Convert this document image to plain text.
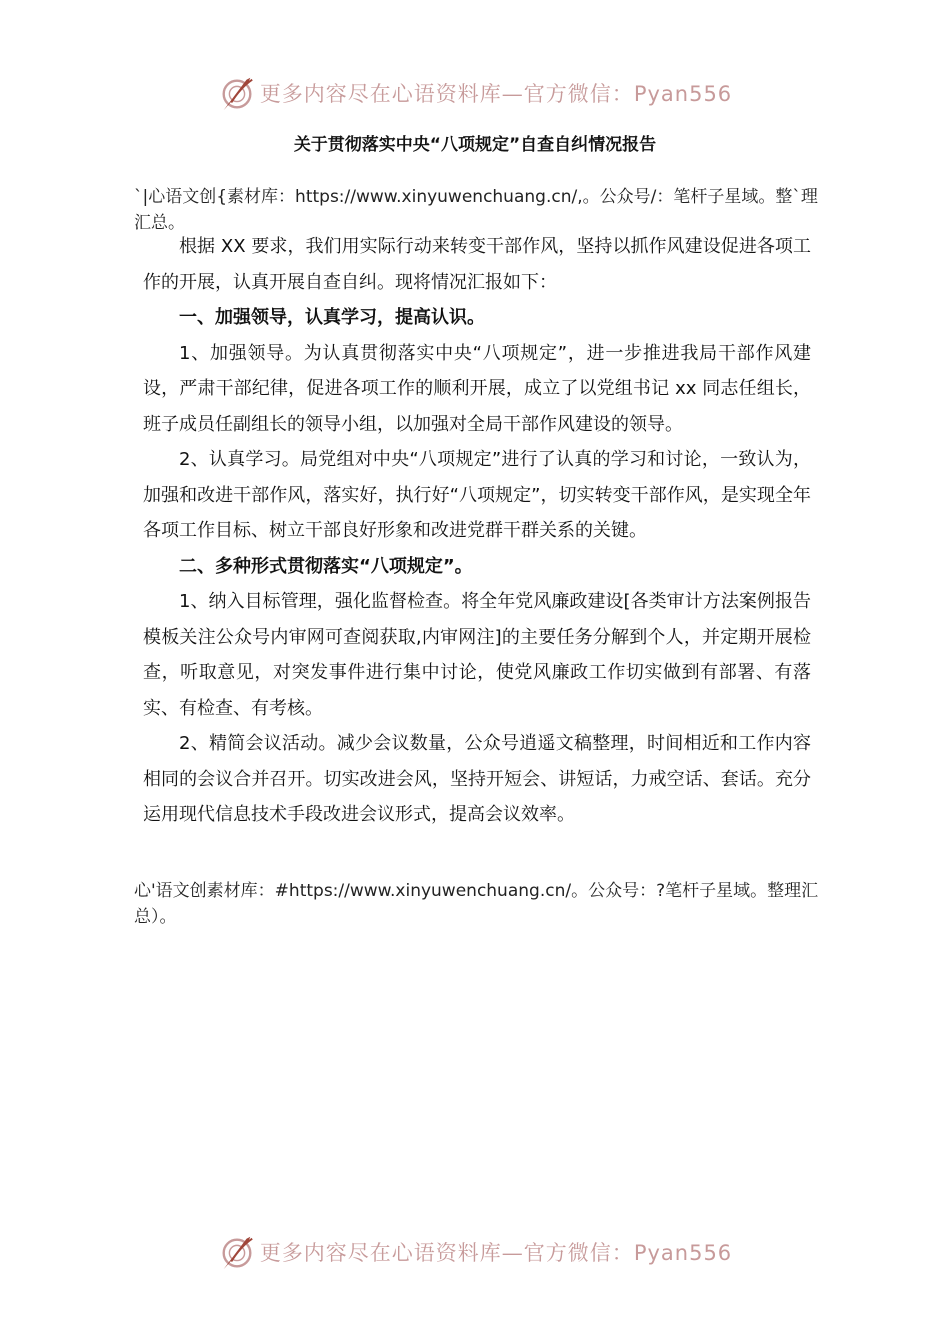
更多内容尽在心语资料库—官方微信：Pyan556
关于贯彻落实中央“八项规定”自查自纠情况报告
`|心语文创{素材库：https://www.xinyuwenchuang.cn/,。公众号/：笔杆子星域。整`理汇总。

根据 XX 要求，我们用实际行动来转变干部作风，坚持以抓作风建设促进各项工作的开展，认真开展自查自纠。现将情况汇报如下：

一、加强领导，认真学习，提高认识。

1、加强领导。为认真贯彻落实中央“八项规定”，进一步推进我局干部作风建设，严肃干部纪律，促进各项工作的顺利开展，成立了以党组书记 xx 同志任组长，班子成员任副组长的领导小组，以加强对全局干部作风建设的领导。

2、认真学习。局党组对中央“八项规定”进行了认真的学习和讨论，一致认为，加强和改进干部作风，落实好，执行好“八项规定”，切实转变干部作风，是实现全年各项工作目标、树立干部良好形象和改进党群干群关系的关键。

二、多种形式贯彻落实“八项规定”。

1、纳入目标管理，强化监督检查。将全年党风廉政建设[各类审计方法案例报告模板关注公众号内审网可查阅获取,内审网注]的主要任务分解到个人，并定期开展检查，听取意见，对突发事件进行集中讨论，使党风廉政工作切实做到有部署、有落实、有检查、有考核。

2、精简会议活动。减少会议数量，公众号逍遥文稿整理，时间相近和工作内容相同的会议合并召开。切实改进会风，坚持开短会、讲短话，力戒空话、套话。充分运用现代信息技术手段改进会议形式，提高会议效率。

心'语文创素材库：#https://www.xinyuwenchuang.cn/。公众号：?笔杆子星域。整理汇总）。
更多内容尽在心语资料库—官方微信：Pyan556
